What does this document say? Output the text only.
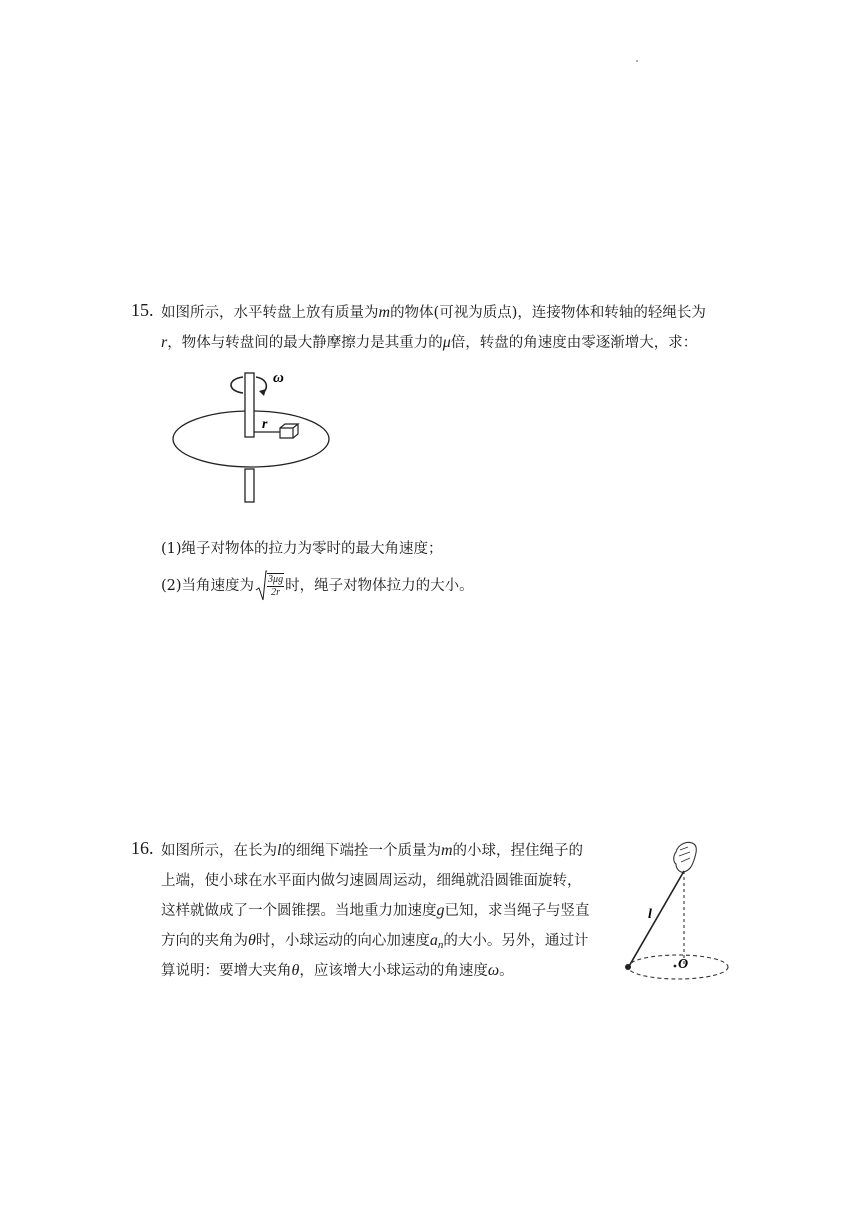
15. 如图所示，水平转盘上放有质量为m的物体(可视为质点)，连接物体和转轴的轻绳长为
r，物体与转盘间的最大静摩擦力是其重力的μ倍，转盘的角速度由零逐渐增大，求：
ω
r
(1)绳子对物体的拉力为零时的最大角速度；
(2)当角速度为 $\frac{3\mu g}{2r}$ 时，绳子对物体拉力的大小。
16. 如图所示，在长为l的细绳下端拴一个质量为m的小球，捏住绳子的
上端，使小球在水平面内做匀速圆周运动，细绳就沿圆锥面旋转，
这样就做成了一个圆锥摆。当地重力加速度g已知，求当绳子与竖直
方向的夹角为θ时，小球运动的向心加速度$a_n$的大小。另外，通过计
算说明：要增大夹角θ，应该增大小球运动的角速度ω。
l
O
